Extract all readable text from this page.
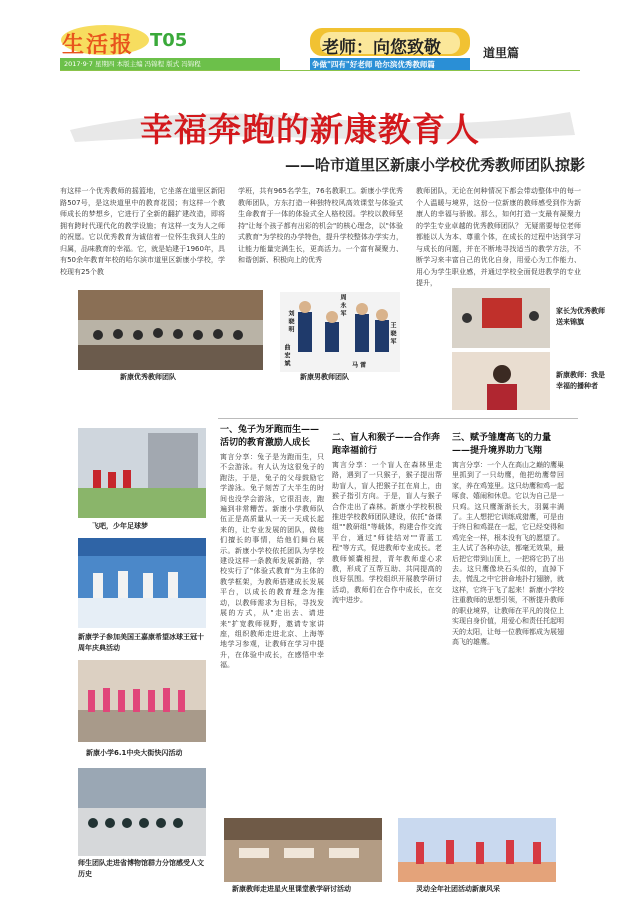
生活报 T05
2017·9·7 星期四 本版主编 冯锦程 版式 冯锦程
老师：向您致敬
争做"四有"好老师 哈尔滨优秀教师篇
道里篇
幸福奔跑的新康教育人
——哈市道里区新康小学校优秀教师团队掠影
有这样一个优秀教师的摇篮地，它坐落在道里区新阳路507号，是这块道里中的教育花园；有这样一个教师成长的梦想乡，它进行了全新的翻扩建改造，即将拥有跨时代现代化的教学设施；有这样一支为人之师的祝愿。它以优秀教育为诚信着一位怀生我到人生的归属，品味教育的幸福。它，就是始建于1960年，具有50余年教育年校的哈尔滨市道里区新康小学校，学校现有25个教
学班，共有965名学生，76名教职工。新康小学优秀教师团队，方东打造一种独特校风高效课堂与体验式生命教育于一体的体验式全人格校园。学校以教师坚持"让每个孩子都有出彩的机会"的核心理念，以"体验式教育"为学校的办学特色，提升学校整体办学实力，让能力能量完满生长，更高活力。一个富有凝聚力、和谐创新、积极向上的优秀
教师团队，无论在何种情况下都会带动整体中的每一个人温暖与境界，这份一位新康的教师感受到作为新康人的幸福与骄傲。那么，如何打造一支最有凝聚力的学生专业卓越的优秀教师团队？ 无疑需要每位老师都能以人为本、尊重个体，在成长的过程中达到学习与成长的问题，并在不断地寻找适当的教学方法，不断学习来丰富自己的优化自身，用爱心为工作能力、用心为学生职业感，并通过学校全面促进教学的专业提升，
新康优秀教师团队
刘 晓 明
周 永 军
王 晓 军
曲 宏 斌	马 雷
新康男教师团队
家长为优秀教师送来锦旗
新康教师：我是幸福的播种者
飞吧，少年足球梦
新康学子参加美国王嘉康希望冰球王冠十周年庆典活动
新康小学6.1中央大街快闪活动
师生团队走进省博物馆群力分馆感受人文历史
新康教师走进星火里课堂教学研讨活动	灵动全年社团活动新康风采
一、兔子为牙跑而生——活切的教育激励人成长
寓言分享：兔子是为跑而生，只不会游泳。有人认为这很兔子的跑法，于是，兔子的父母鼓励它学游泳。兔子刻苦了大半生的时间也没学会游泳，它很沮丧，跑遍到非常糟苦。新康小学教师队伍正是高质量从一天一天成长起来的，让专业发展的团队，做他们擅长的事情，给他们舞台展示。新康小学校依托团队为学校建设这样一条教师发展新路，学校实行了"体验式教育"为主体的教学框架，为教师搭建成长发展平台，以成长的教育理念为推动，以教师需求为目标，寻找发展的方式，从"走出去、请进来"扩宽教师视野，邀请专家讲座，组织教师走进北京、上海等地学习参观，让教师在学习中提升，在体验中成长，在感悟中幸福。
二、盲人和猴子——合作奔跑幸福前行
寓言分享：一个盲人在森林里走路，遇到了一只猴子，猴子提出帮助盲人，盲人把猴子扛在肩上，由猴子指引方向。于是，盲人与猴子合作走出了森林。新康小学校积极推进学校教师团队建设，依托"备课组""教研组"等载体，构建合作交流平台，通过"师徒结对""青蓝工程"等方式，促进教师专业成长。老教师倾囊相授，青年教师虚心求教，形成了互帮互助、共同提高的良好氛围。学校组织开展教学研讨活动，教师们在合作中成长，在交流中进步。
三、赋予雏鹰高飞的力量——提升境界助力飞翔
寓言分享：一个人在高山之巅的鹰巢里抓到了一只幼鹰，他把幼鹰带回家，养在鸡笼里。这只幼鹰和鸡一起啄食、嬉闹和休息。它以为自己是一只鸡。这只鹰渐渐长大，羽翼丰满了。主人想把它训练成猎鹰，可是由于终日和鸡混在一起，它已经变得和鸡完全一样，根本没有飞的愿望了。主人试了各种办法，都毫无效果，最后把它带到山顶上，一把将它扔了出去。这只鹰像块石头似的，直掉下去，慌乱之中它拼命地扑打翅膀，就这样，它终于飞了起来！新康小学校注重教师的思想引领，不断提升教师的职业境界，让教师在平凡的岗位上实现自身价值，用爱心和责任托起明天的太阳，让每一位教师都成为展翅高飞的雄鹰。
